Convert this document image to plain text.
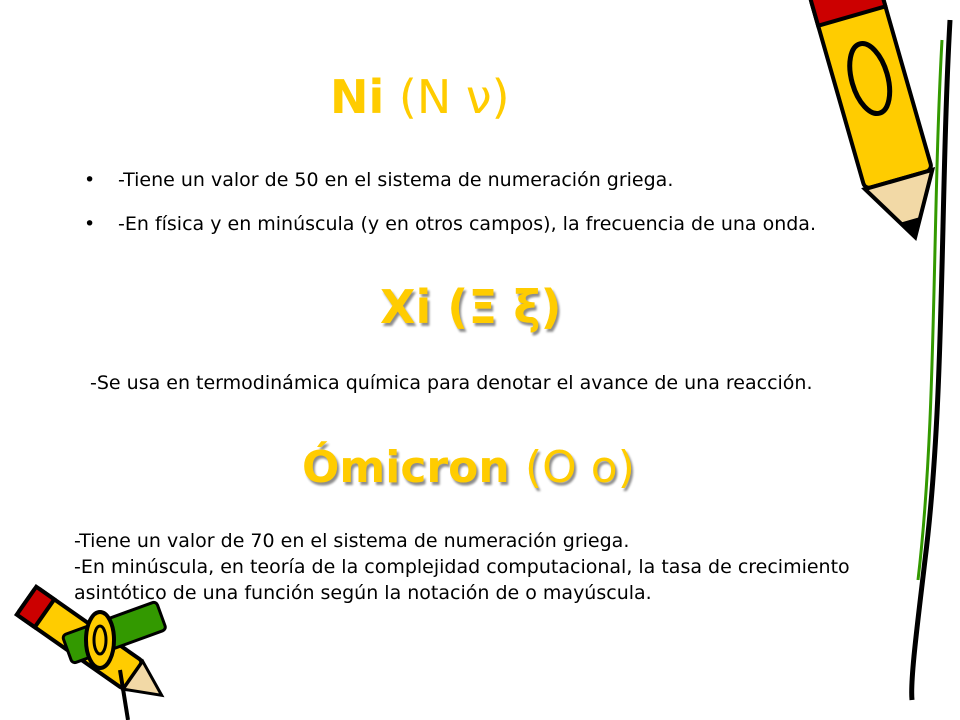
Ni (N ν)
• -Tiene un valor de 50 en el sistema de numeración griega.
• -En física y en minúscula (y en otros campos), la frecuencia de una onda.
Xi (Ξ ξ)
-Se usa en termodinámica química para denotar el avance de una reacción.
Ómicron (Ο ο)
-Tiene un valor de 70 en el sistema de numeración griega.
-En minúscula, en teoría de la complejidad computacional, la tasa de crecimiento asintótico de una función según la notación de o mayúscula.
